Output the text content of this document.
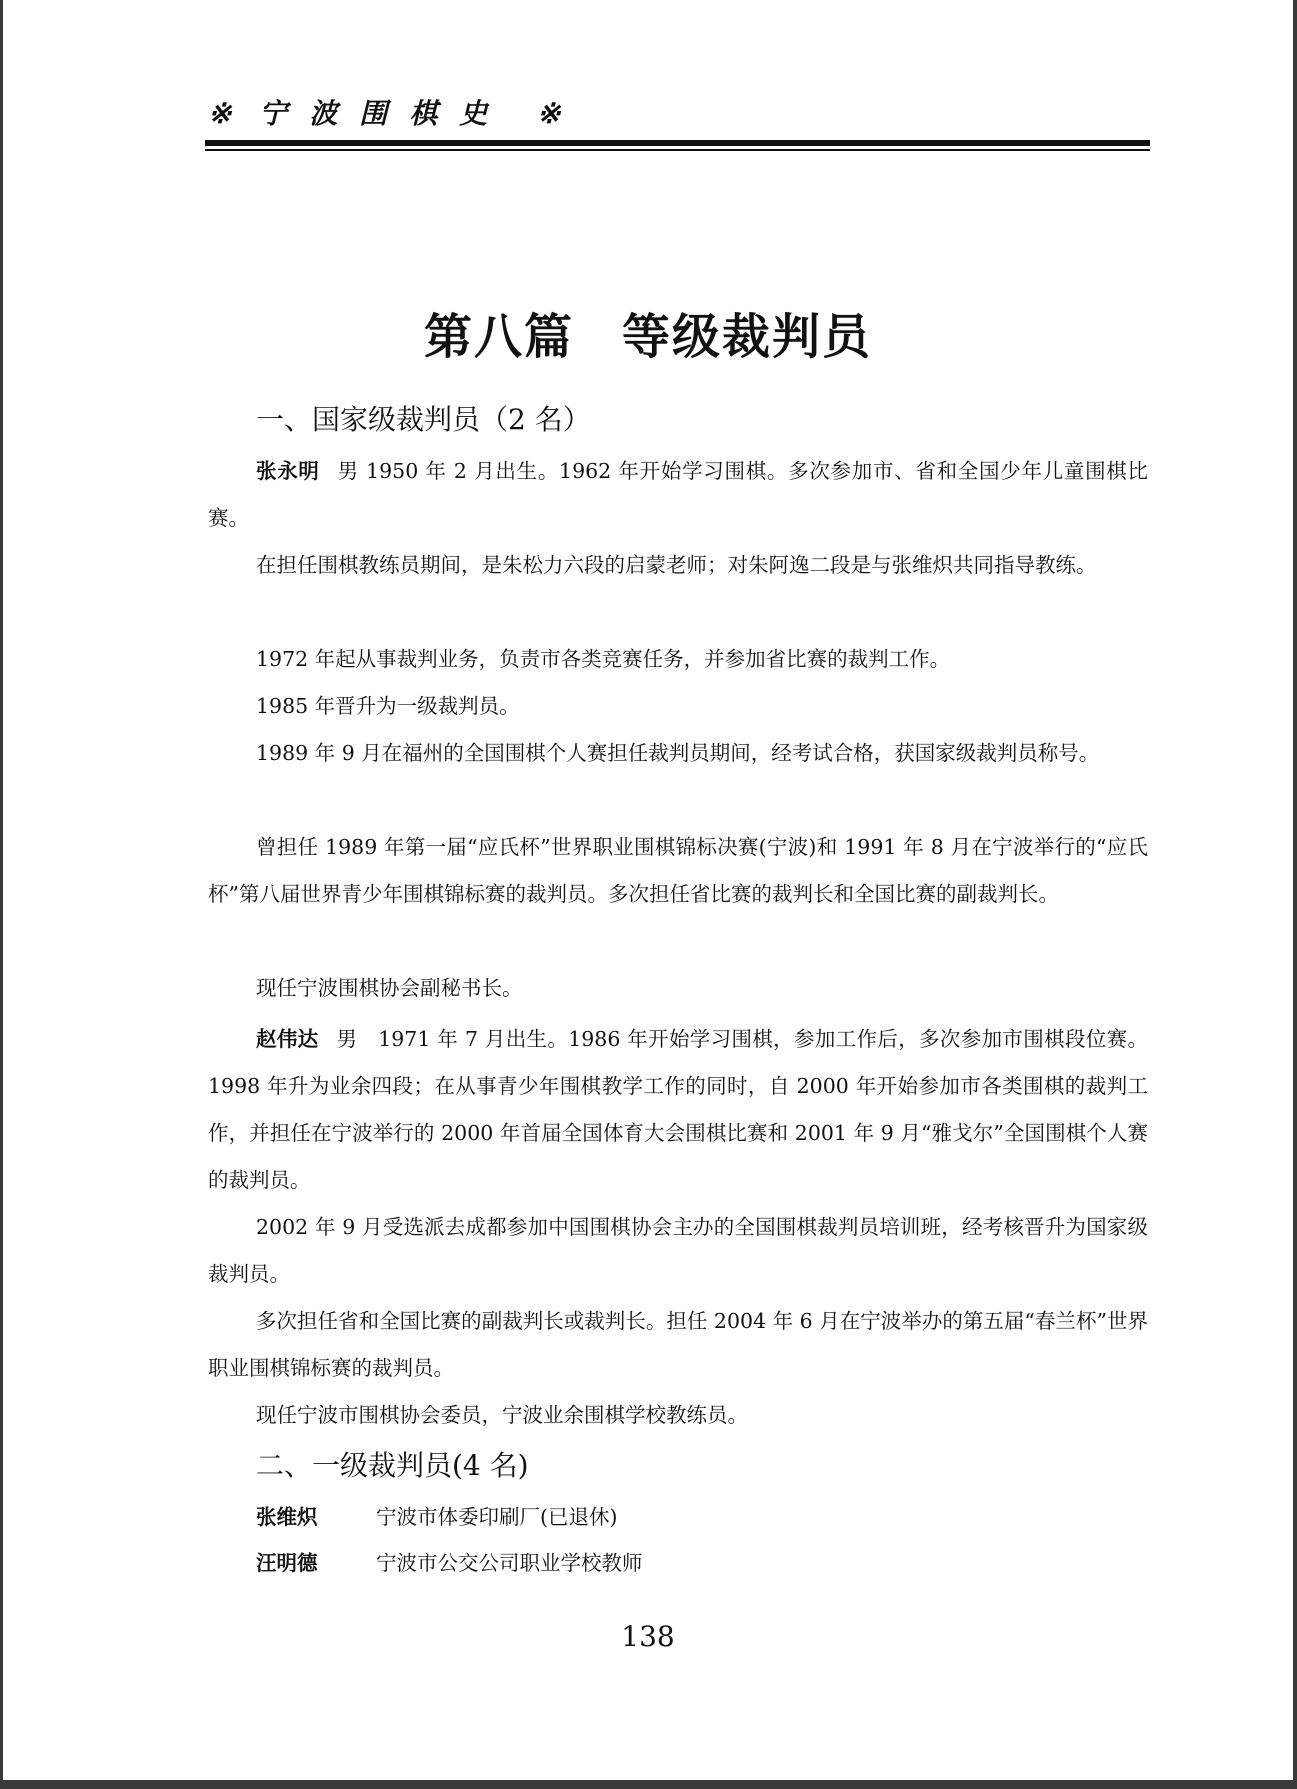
※ 宁波围棋史 ※
第八篇 等级裁判员
一、国家级裁判员（2 名）
张永明 男 1950 年 2 月出生。1962 年开始学习围棋。多次参加市、省和全国少年儿童围棋比赛。
在担任围棋教练员期间，是朱松力六段的启蒙老师；对朱阿逸二段是与张维炽共同指导教练。
1972 年起从事裁判业务，负责市各类竞赛任务，并参加省比赛的裁判工作。
1985 年晋升为一级裁判员。
1989 年 9 月在福州的全国围棋个人赛担任裁判员期间，经考试合格，获国家级裁判员称号。
曾担任 1989 年第一届“应氏杯”世界职业围棋锦标决赛(宁波)和 1991 年 8 月在宁波举行的“应氏杯”第八届世界青少年围棋锦标赛的裁判员。多次担任省比赛的裁判长和全国比赛的副裁判长。
现任宁波围棋协会副秘书长。
赵伟达 男　1971 年 7 月出生。1986 年开始学习围棋，参加工作后，多次参加市围棋段位赛。1998 年升为业余四段；在从事青少年围棋教学工作的同时，自 2000 年开始参加市各类围棋的裁判工作，并担任在宁波举行的 2000 年首届全国体育大会围棋比赛和 2001 年 9 月“雅戈尔”全国围棋个人赛的裁判员。
2002 年 9 月受选派去成都参加中国围棋协会主办的全国围棋裁判员培训班，经考核晋升为国家级裁判员。
多次担任省和全国比赛的副裁判长或裁判长。担任 2004 年 6 月在宁波举办的第五届“春兰杯”世界职业围棋锦标赛的裁判员。
现任宁波市围棋协会委员，宁波业余围棋学校教练员。
二、一级裁判员(4 名)
张维炽	宁波市体委印刷厂(已退休)
汪明德	宁波市公交公司职业学校教师
138
